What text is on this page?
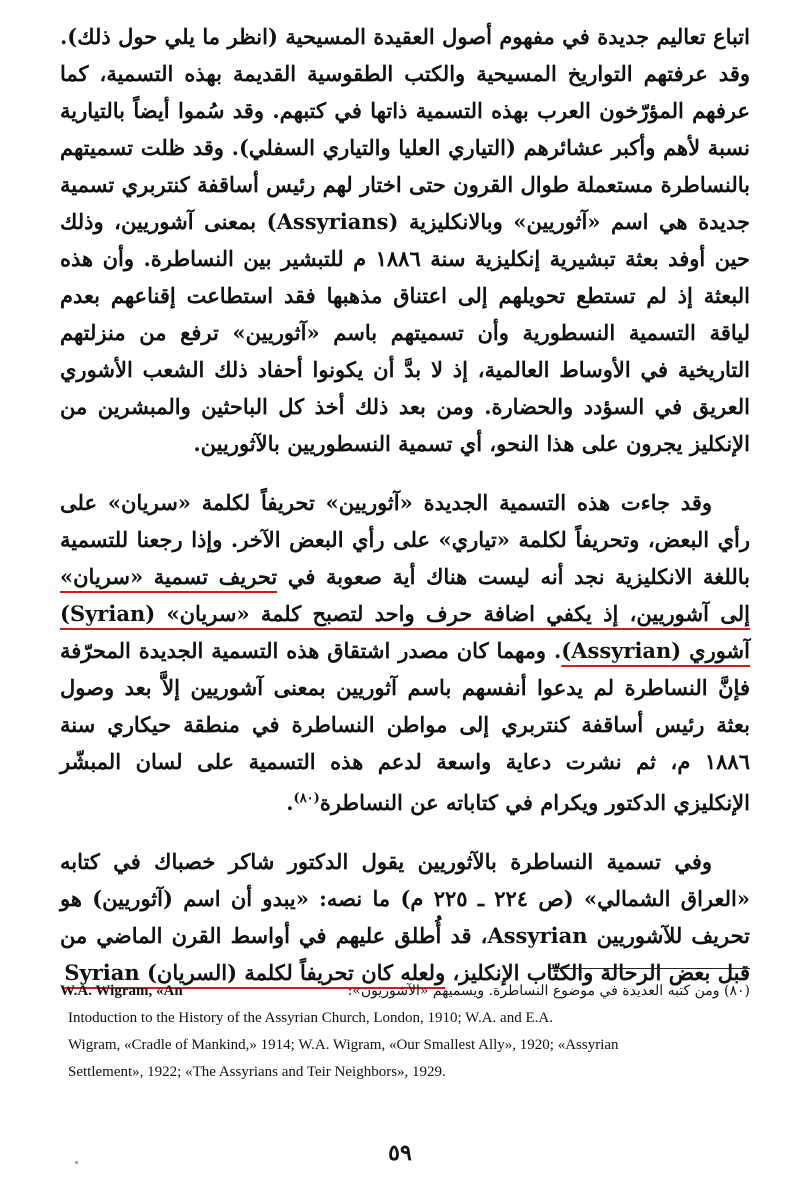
اتباع تعاليم جديدة في مفهوم أصول العقيدة المسيحية (انظر ما يلي حول ذلك). وقد عرفتهم التواريخ المسيحية والكتب الطقوسية القديمة بهذه التسمية، كما عرفهم المؤرّخون العرب بهذه التسمية ذاتها في كتبهم. وقد سُموا أيضاً بالتيارية نسبة لأهم وأكبر عشائرهم (التياري العليا والتياري السفلي). وقد ظلت تسميتهم بالنساطرة مستعملة طوال القرون حتى اختار لهم رئيس أساقفة كنتربري تسمية جديدة هي اسم «آثوريين» وبالانكليزية (Assyrians) بمعنى آشوريين، وذلك حين أوفد بعثة تبشيرية إنكليزية سنة ١٨٨٦ م للتبشير بين النساطرة. وأن هذه البعثة إذ لم تستطع تحويلهم إلى اعتناق مذهبها فقد استطاعت إقناعهم بعدم لياقة التسمية النسطورية وأن تسميتهم باسم «آثوريين» ترفع من منزلتهم التاريخية في الأوساط العالمية، إذ لا بدَّ أن يكونوا أحفاد ذلك الشعب الأشوري العريق في السؤدد والحضارة. ومن بعد ذلك أخذ كل الباحثين والمبشرين من الإنكليز يجرون على هذا النحو، أي تسمية النسطوريين بالآثوريين.

وقد جاءت هذه التسمية الجديدة «آثوريين» تحريفاً لكلمة «سريان» على رأي البعض، وتحريفاً لكلمة «تياري» على رأي البعض الآخر. وإذا رجعنا للتسمية باللغة الانكليزية نجد أنه ليست هناك أية صعوبة في تحريف تسمية «سريان» إلى آشوريين، إذ يكفي اضافة حرف واحد لتصبح كلمة «سريان» (Syrian) آشوري (Assyrian). ومهما كان مصدر اشتقاق هذه التسمية الجديدة المحرّفة فإنَّ النساطرة لم يدعوا أنفسهم باسم آثوريين بمعنى آشوريين إلاَّ بعد وصول بعثة رئيس أساقفة كنتربري إلى مواطن النساطرة في منطقة حيكاري سنة ١٨٨٦ م، ثم نشرت دعاية واسعة لدعم هذه التسمية على لسان المبشّر الإنكليزي الدكتور ويكرام في كتاباته عن النساطرة$^{(٨٠)}$.

وفي تسمية النساطرة بالآثوريين يقول الدكتور شاكر خصباك في كتابه «العراق الشمالي» (ص ٢٢٤ ـ ٢٢٥ م) ما نصه: «يبدو أن اسم (آثوريين) هو تحريف للآشوريين Assyrian، قد أُطلق عليهم في أواسط القرن الماضي من قبل بعض الرحالة والكتّاب الإنكليز، ولعله كان تحريفاً لكلمة (السريان) Syrian

W.A. Wigram, «An	(٨٠) ومن كتبه العديدة في موضوع النساطرة. ويسميهم «الآشوريون»:
Intoduction to the History of the Assyrian Church, London, 1910; W.A. and E.A.
Wigram, «Cradle of Mankind,» 1914; W.A. Wigram, «Our Smallest Ally», 1920; «Assyrian
Settlement», 1922; «The Assyrians and Teir Neighbors», 1929.
٥٩
